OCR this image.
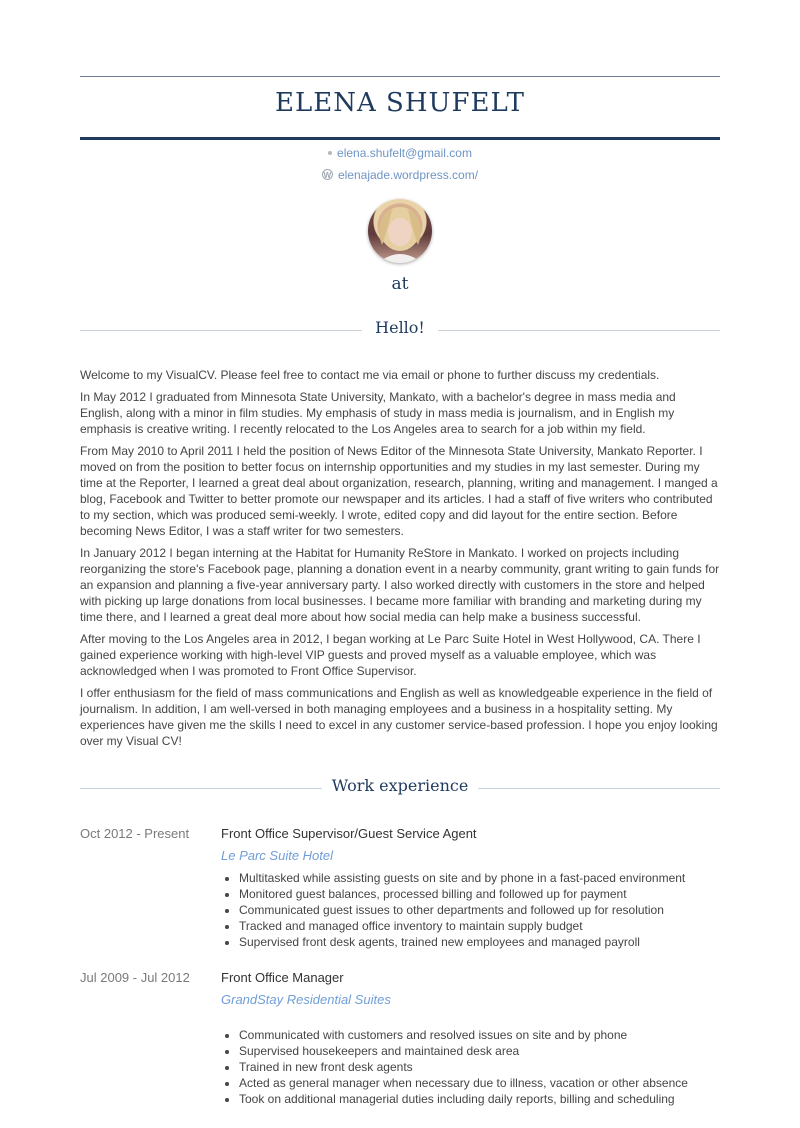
ELENA SHUFELT
elena.shufelt@gmail.com
W elenajade.wordpress.com/
at
Hello!

Welcome to my VisualCV. Please feel free to contact me via email or phone to further discuss my credentials.

In May 2012 I graduated from Minnesota State University, Mankato, with a bachelor's degree in mass media and English, along with a minor in film studies. My emphasis of study in mass media is journalism, and in English my emphasis is creative writing. I recently relocated to the Los Angeles area to search for a job within my field.

From May 2010 to April 2011 I held the position of News Editor of the Minnesota State University, Mankato Reporter. I moved on from the position to better focus on internship opportunities and my studies in my last semester. During my time at the Reporter, I learned a great deal about organization, research, planning, writing and management. I manged a blog, Facebook and Twitter to better promote our newspaper and its articles. I had a staff of five writers who contributed to my section, which was produced semi-weekly. I wrote, edited copy and did layout for the entire section. Before becoming News Editor, I was a staff writer for two semesters.

In January 2012 I began interning at the Habitat for Humanity ReStore in Mankato. I worked on projects including reorganizing the store's Facebook page, planning a donation event in a nearby community, grant writing to gain funds for an expansion and planning a five-year anniversary party. I also worked directly with customers in the store and helped with picking up large donations from local businesses. I became more familiar with branding and marketing during my time there, and I learned a great deal more about how social media can help make a business successful.

After moving to the Los Angeles area in 2012, I began working at Le Parc Suite Hotel in West Hollywood, CA. There I gained experience working with high-level VIP guests and proved myself as a valuable employee, which was acknowledged when I was promoted to Front Office Supervisor.

I offer enthusiasm for the field of mass communications and English as well as knowledgeable experience in the field of journalism. In addition, I am well-versed in both managing employees and a business in a hospitality setting. My experiences have given me the skills I need to excel in any customer service-based profession. I hope you enjoy looking over my Visual CV!

Work experience
Oct 2012 - Present Front Office Supervisor/Guest Service Agent
Le Parc Suite Hotel
• Multitasked while assisting guests on site and by phone in a fast-paced environment
• Monitored guest balances, processed billing and followed up for payment
• Communicated guest issues to other departments and followed up for resolution
• Tracked and managed office inventory to maintain supply budget
• Supervised front desk agents, trained new employees and managed payroll
Jul 2009 - Jul 2012 Front Office Manager
GrandStay Residential Suites
• Communicated with customers and resolved issues on site and by phone
• Supervised housekeepers and maintained desk area
• Trained in new front desk agents
• Acted as general manager when necessary due to illness, vacation or other absence
• Took on additional managerial duties including daily reports, billing and scheduling
